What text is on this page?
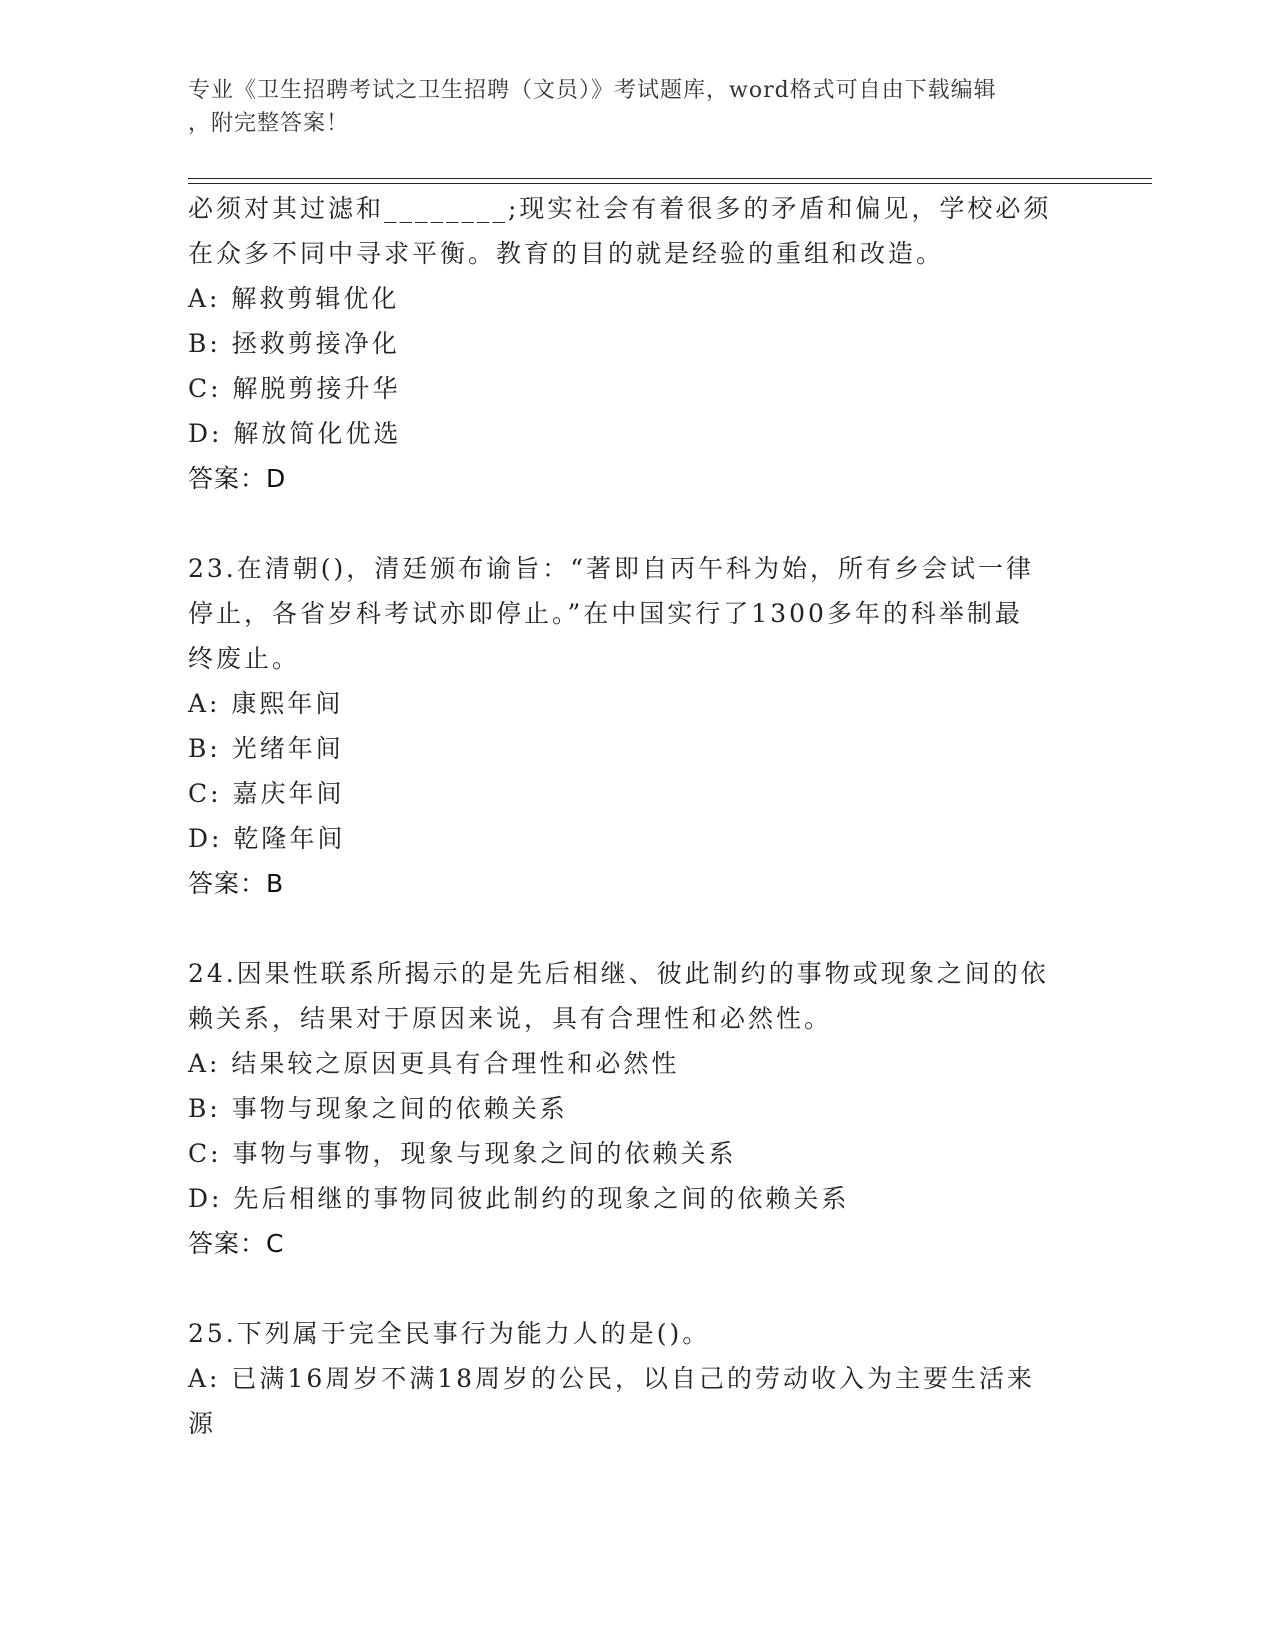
专业《卫生招聘考试之卫生招聘（文员）》考试题库，word格式可自由下载编辑
，附完整答案！
必须对其过滤和________;现实社会有着很多的矛盾和偏见，学校必须
在众多不同中寻求平衡。教育的目的就是经验的重组和改造。
A: 解救剪辑优化
B: 拯救剪接净化
C: 解脱剪接升华
D: 解放简化优选
答案：D
23.在清朝()，清廷颁布谕旨：“著即自丙午科为始，所有乡会试一律
停止，各省岁科考试亦即停止。”在中国实行了1300多年的科举制最
终废止。
A: 康熙年间
B: 光绪年间
C: 嘉庆年间
D: 乾隆年间
答案：B
24.因果性联系所揭示的是先后相继、彼此制约的事物或现象之间的依
赖关系，结果对于原因来说，具有合理性和必然性。
A: 结果较之原因更具有合理性和必然性
B: 事物与现象之间的依赖关系
C: 事物与事物，现象与现象之间的依赖关系
D: 先后相继的事物同彼此制约的现象之间的依赖关系
答案：C
25.下列属于完全民事行为能力人的是()。
A: 已满16周岁不满18周岁的公民，以自己的劳动收入为主要生活来
源
